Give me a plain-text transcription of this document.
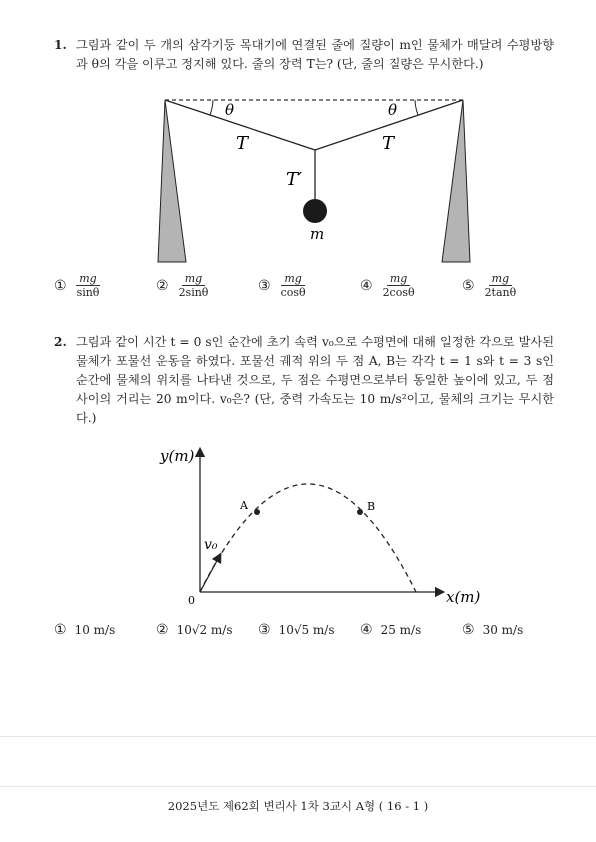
1. 그림과 같이 두 개의 삼각기둥 목대기에 연결된 줄에 질량이 m인 물체가 매달려 수평방향과 θ의 각을 이루고 정지해 있다. 줄의 장력 T는? (단, 줄의 질량은 무시한다.)
θ	θ
T	T
T′
m
① $\frac{mg}{\sin\theta}$	② $\frac{mg}{2\sin\theta}$	③ $\frac{mg}{\cos\theta}$	④ $\frac{mg}{2\cos\theta}$	⑤ $\frac{mg}{2\tan\theta}$
2. 그림과 같이 시간 t = 0 s인 순간에 초기 속력 v₀으로 수평면에 대해 일정한 각으로 발사된 물체가 포물선 운동을 하였다. 포물선 궤적 위의 두 점 A, B는 각각 t = 1 s와 t = 3 s인 순간에 물체의 위치를 나타낸 것으로, 두 점은 수평면으로부터 동일한 높이에 있고, 두 점 사이의 거리는 20 m이다. v₀은? (단, 중력 가속도는 10 m/s²이고, 물체의 크기는 무시한다.)
y(m)
x(m)
0
v₀
A	B
① 10 m/s	② 10√2 m/s ③ 10√5 m/s ④ 25 m/s	⑤ 30 m/s
2025년도 제62회 변리사 1차 3교시 A형 ( 16 - 1 )
